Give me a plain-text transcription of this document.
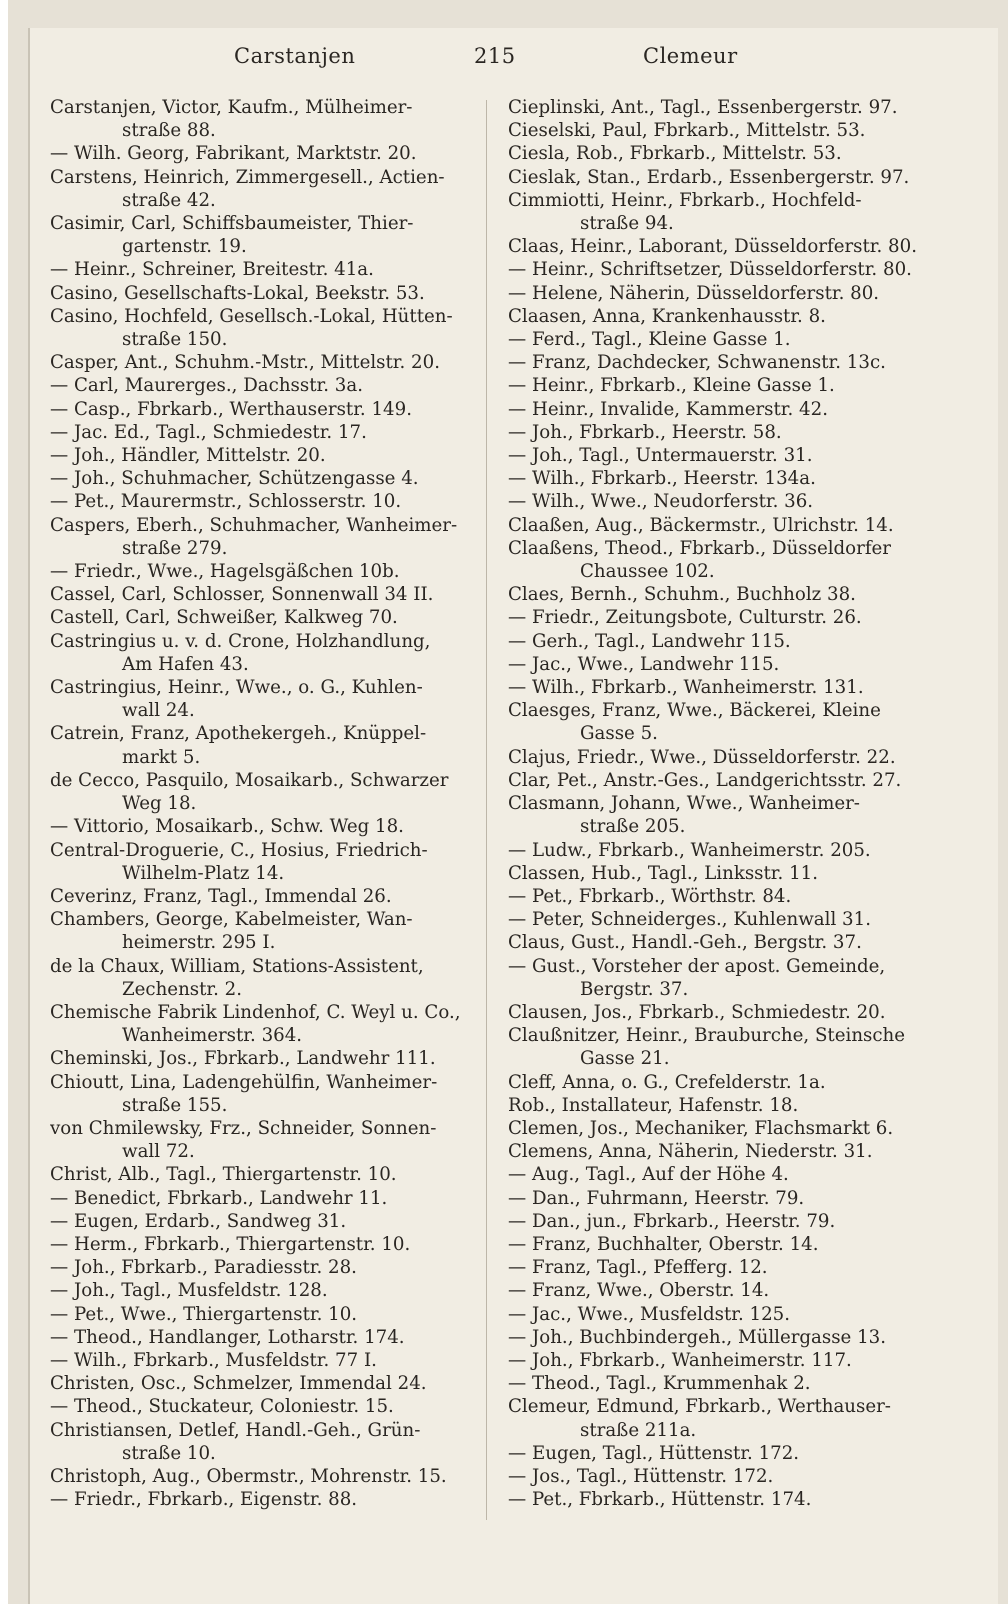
Carstanjen	215	Clemeur
Carstanjen, Victor, Kaufm., Mülheimer-
straße 88.
— Wilh. Georg, Fabrikant, Marktstr. 20.
Carstens, Heinrich, Zimmergesell., Actien-
straße 42.
Casimir, Carl, Schiffsbaumeister, Thier-
gartenstr. 19.
— Heinr., Schreiner, Breitestr. 41a.
Casino, Gesellschafts-Lokal, Beekstr. 53.
Casino, Hochfeld, Gesellsch.-Lokal, Hütten-
straße 150.
Casper, Ant., Schuhm.-Mstr., Mittelstr. 20.
— Carl, Maurerges., Dachsstr. 3a.
— Casp., Fbrkarb., Werthauserstr. 149.
— Jac. Ed., Tagl., Schmiedestr. 17.
— Joh., Händler, Mittelstr. 20.
— Joh., Schuhmacher, Schützengasse 4.
— Pet., Maurermstr., Schlosserstr. 10.
Caspers, Eberh., Schuhmacher, Wanheimer-
straße 279.
— Friedr., Wwe., Hagelsgäßchen 10b.
Cassel, Carl, Schlosser, Sonnenwall 34 II.
Castell, Carl, Schweißer, Kalkweg 70.
Castringius u. v. d. Crone, Holzhandlung,
Am Hafen 43.
Castringius, Heinr., Wwe., o. G., Kuhlen-
wall 24.
Catrein, Franz, Apothekergeh., Knüppel-
markt 5.
de Cecco, Pasquilo, Mosaikarb., Schwarzer
Weg 18.
— Vittorio, Mosaikarb., Schw. Weg 18.
Central-Droguerie, C., Hosius, Friedrich-
Wilhelm-Platz 14.
Ceverinz, Franz, Tagl., Immendal 26.
Chambers, George, Kabelmeister, Wan-
heimerstr. 295 I.
de la Chaux, William, Stations-Assistent,
Zechenstr. 2.
Chemische Fabrik Lindenhof, C. Weyl u. Co.,
Wanheimerstr. 364.
Cheminski, Jos., Fbrkarb., Landwehr 111.
Chioutt, Lina, Ladengehülfin, Wanheimer-
straße 155.
von Chmilewsky, Frz., Schneider, Sonnen-
wall 72.
Christ, Alb., Tagl., Thiergartenstr. 10.
— Benedict, Fbrkarb., Landwehr 11.
— Eugen, Erdarb., Sandweg 31.
— Herm., Fbrkarb., Thiergartenstr. 10.
— Joh., Fbrkarb., Paradiesstr. 28.
— Joh., Tagl., Musfeldstr. 128.
— Pet., Wwe., Thiergartenstr. 10.
— Theod., Handlanger, Lotharstr. 174.
— Wilh., Fbrkarb., Musfeldstr. 77 I.
Christen, Osc., Schmelzer, Immendal 24.
— Theod., Stuckateur, Coloniestr. 15.
Christiansen, Detlef, Handl.-Geh., Grün-
straße 10.
Christoph, Aug., Obermstr., Mohrenstr. 15.
— Friedr., Fbrkarb., Eigenstr. 88.
Cieplinski, Ant., Tagl., Essenbergerstr. 97.
Cieselski, Paul, Fbrkarb., Mittelstr. 53.
Ciesla, Rob., Fbrkarb., Mittelstr. 53.
Cieslak, Stan., Erdarb., Essenbergerstr. 97.
Cimmiotti, Heinr., Fbrkarb., Hochfeld-
straße 94.
Claas, Heinr., Laborant, Düsseldorferstr. 80.
— Heinr., Schriftsetzer, Düsseldorferstr. 80.
— Helene, Näherin, Düsseldorferstr. 80.
Claasen, Anna, Krankenhausstr. 8.
— Ferd., Tagl., Kleine Gasse 1.
— Franz, Dachdecker, Schwanenstr. 13c.
— Heinr., Fbrkarb., Kleine Gasse 1.
— Heinr., Invalide, Kammerstr. 42.
— Joh., Fbrkarb., Heerstr. 58.
— Joh., Tagl., Untermauerstr. 31.
— Wilh., Fbrkarb., Heerstr. 134a.
— Wilh., Wwe., Neudorferstr. 36.
Claaßen, Aug., Bäckermstr., Ulrichstr. 14.
Claaßens, Theod., Fbrkarb., Düsseldorfer
Chaussee 102.
Claes, Bernh., Schuhm., Buchholz 38.
— Friedr., Zeitungsbote, Culturstr. 26.
— Gerh., Tagl., Landwehr 115.
— Jac., Wwe., Landwehr 115.
— Wilh., Fbrkarb., Wanheimerstr. 131.
Claesges, Franz, Wwe., Bäckerei, Kleine
Gasse 5.
Clajus, Friedr., Wwe., Düsseldorferstr. 22.
Clar, Pet., Anstr.-Ges., Landgerichtsstr. 27.
Clasmann, Johann, Wwe., Wanheimer-
straße 205.
— Ludw., Fbrkarb., Wanheimerstr. 205.
Classen, Hub., Tagl., Linksstr. 11.
— Pet., Fbrkarb., Wörthstr. 84.
— Peter, Schneiderges., Kuhlenwall 31.
Claus, Gust., Handl.-Geh., Bergstr. 37.
— Gust., Vorsteher der apost. Gemeinde,
Bergstr. 37.
Clausen, Jos., Fbrkarb., Schmiedestr. 20.
Claußnitzer, Heinr., Brauburche, Steinsche
Gasse 21.
Cleff, Anna, o. G., Crefelderstr. 1a.
Rob., Installateur, Hafenstr. 18.
Clemen, Jos., Mechaniker, Flachsmarkt 6.
Clemens, Anna, Näherin, Niederstr. 31.
— Aug., Tagl., Auf der Höhe 4.
— Dan., Fuhrmann, Heerstr. 79.
— Dan., jun., Fbrkarb., Heerstr. 79.
— Franz, Buchhalter, Oberstr. 14.
— Franz, Tagl., Pfefferg. 12.
— Franz, Wwe., Oberstr. 14.
— Jac., Wwe., Musfeldstr. 125.
— Joh., Buchbindergeh., Müllergasse 13.
— Joh., Fbrkarb., Wanheimerstr. 117.
— Theod., Tagl., Krummenhak 2.
Clemeur, Edmund, Fbrkarb., Werthauser-
straße 211a.
— Eugen, Tagl., Hüttenstr. 172.
— Jos., Tagl., Hüttenstr. 172.
— Pet., Fbrkarb., Hüttenstr. 174.
